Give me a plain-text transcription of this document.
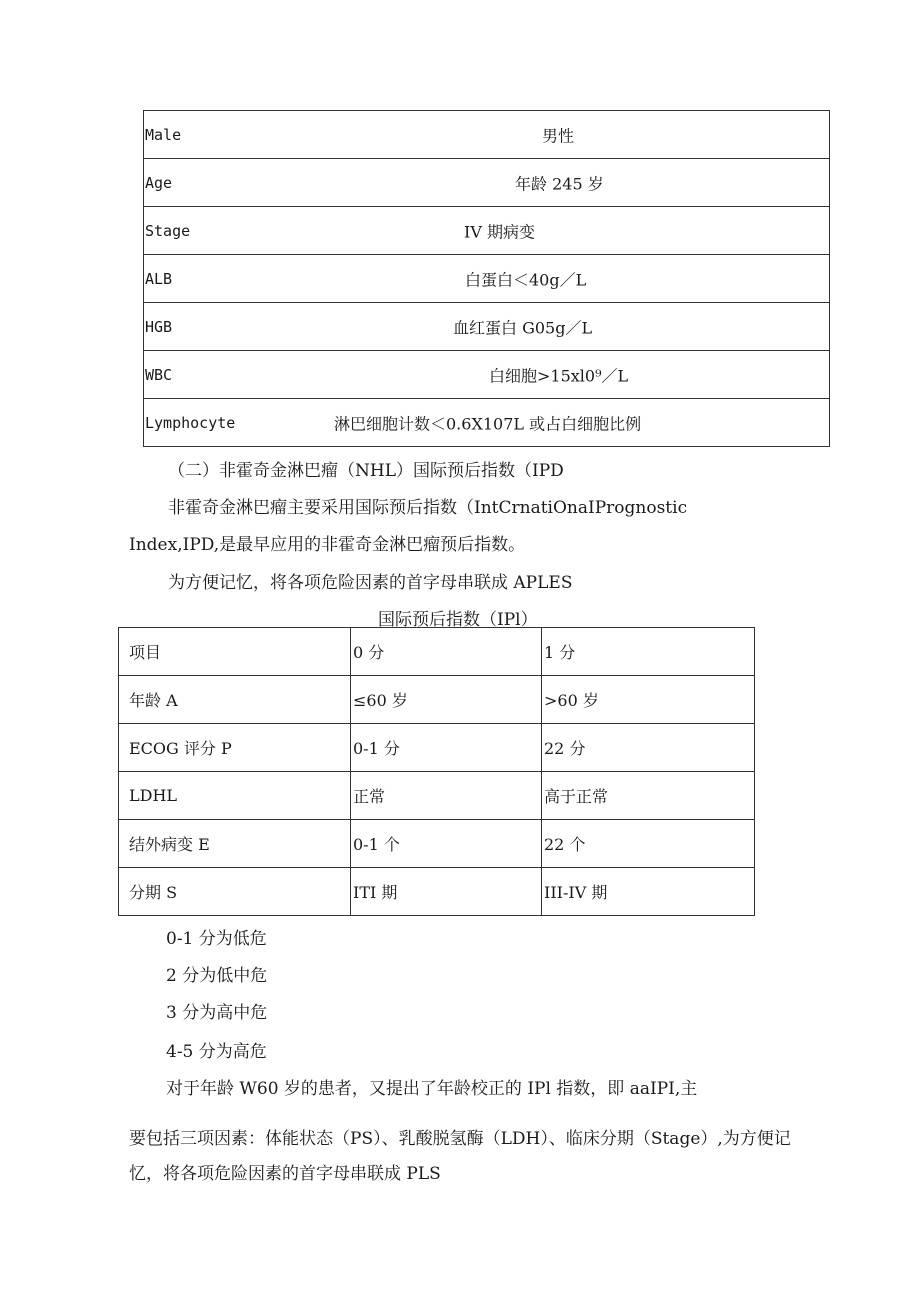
Male	男性

Age	年龄 245 岁

Stage	IV 期病变

ALB	白蛋白＜40g／L

HGB	血红蛋白 G05g／L

WBC	白细胞>15xl0⁹／L

Lymphocyte	淋巴细胞计数＜0.6X107L 或占白细胞比例
（二）非霍奇金淋巴瘤（NHL）国际预后指数（IPD
非霍奇金淋巴瘤主要采用国际预后指数（IntCrnatiOnaIPrognostic
Index,IPD,是最早应用的非霍奇金淋巴瘤预后指数。
为方便记忆，将各项危险因素的首字母串联成 APLES
国际预后指数（IPl）
项目	0 分	1 分
年龄 A	≤60 岁	>60 岁
ECOG 评分 P	0-1 分	22 分
LDHL	正常	高于正常
结外病变 E	0-1 个	22 个
分期 S	ITI 期	III-IV 期
0-1 分为低危
2 分为低中危
3 分为高中危
4-5 分为高危
对于年龄 W60 岁的患者，又提出了年龄校正的 IPl 指数，即 aaIPI,主
要包括三项因素：体能状态（PS）、乳酸脱氢酶（LDH）、临床分期（Stage）,为方便记
忆，将各项危险因素的首字母串联成 PLS
